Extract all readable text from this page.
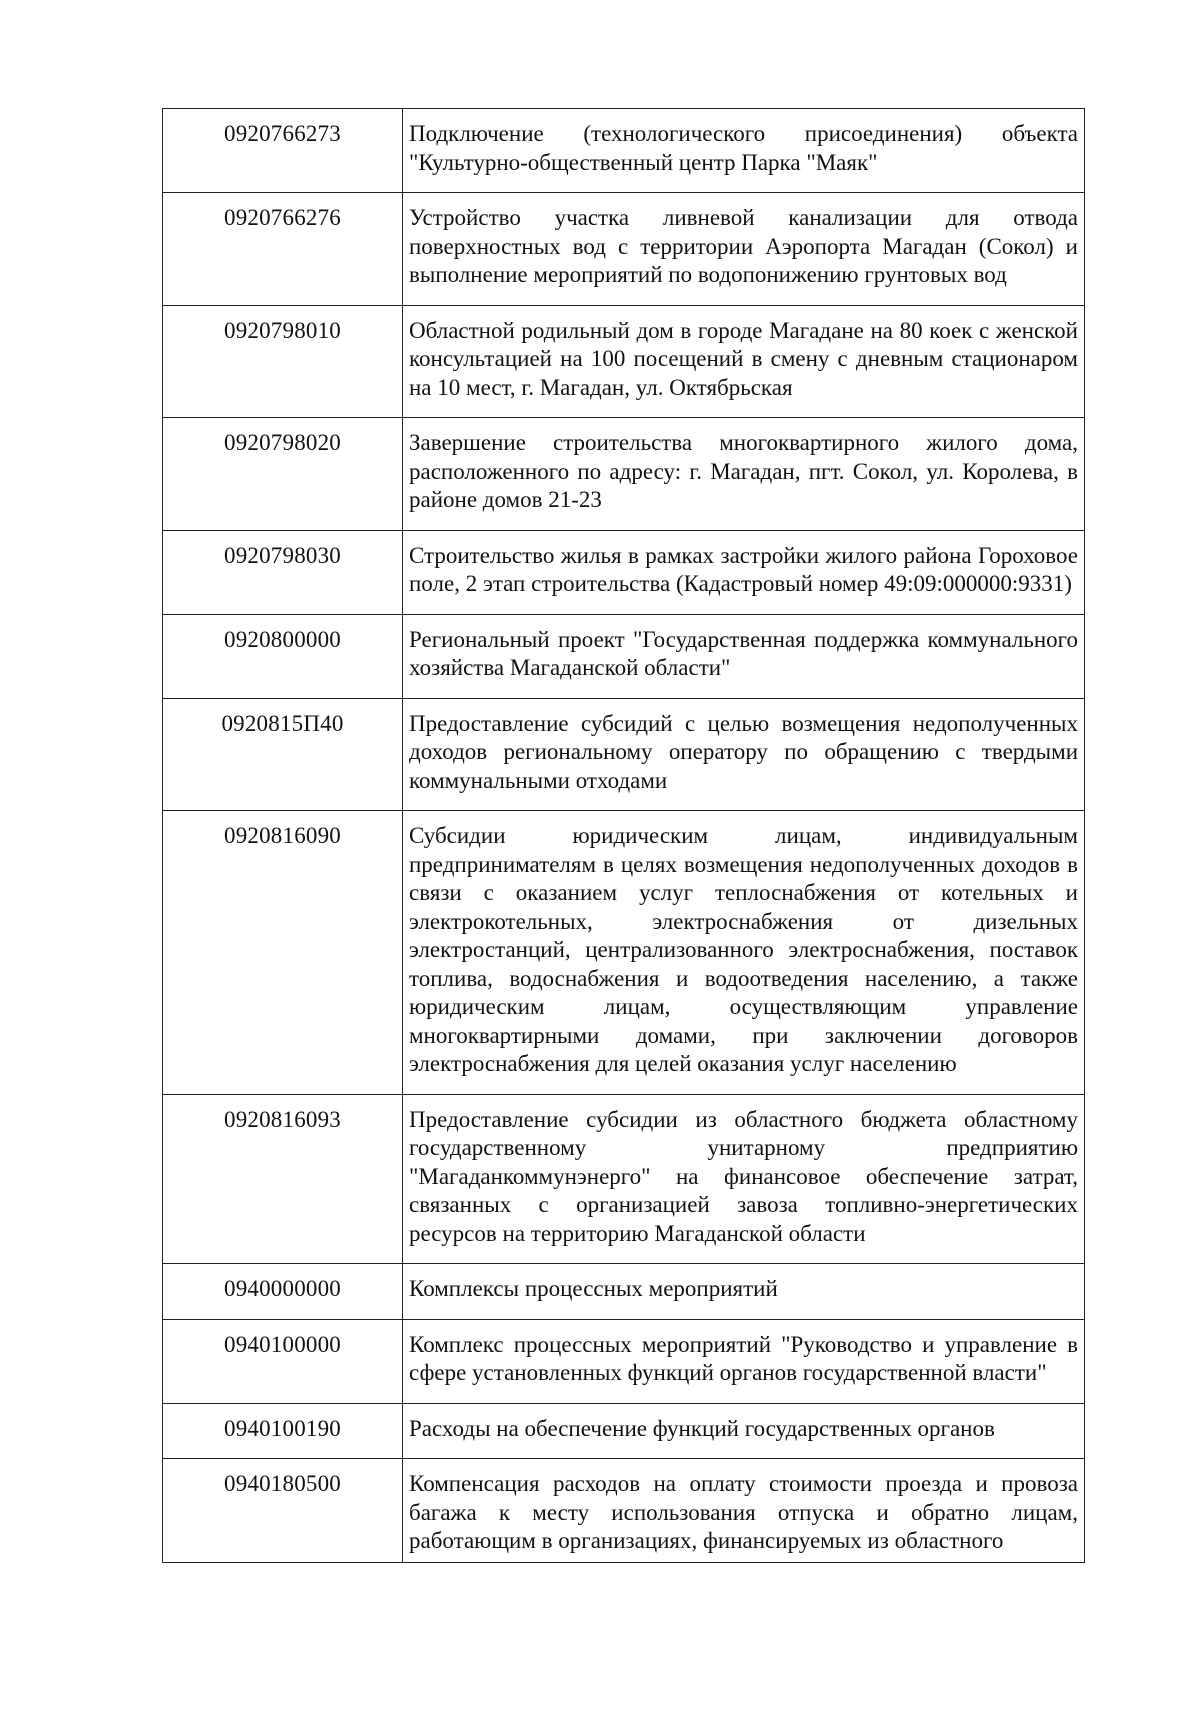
0920766273	Подключение (технологического присоединения) объекта "Культурно-общественный центр Парка "Маяк"
0920766276	Устройство участка ливневой канализации для отвода поверхностных вод с территории Аэропорта Магадан (Сокол) и выполнение мероприятий по водопонижению грунтовых вод
0920798010	Областной родильный дом в городе Магадане на 80 коек с женской консультацией на 100 посещений в смену с дневным стационаром на 10 мест, г. Магадан, ул. Октябрьская
0920798020	Завершение строительства многоквартирного жилого дома, расположенного по адресу: г. Магадан, пгт. Сокол, ул. Королева, в районе домов 21-23
0920798030	Строительство жилья в рамках застройки жилого района Гороховое поле, 2 этап строительства (Кадастровый номер 49:09:000000:9331)
0920800000	Региональный проект "Государственная поддержка коммунального хозяйства Магаданской области"
0920815П40	Предоставление субсидий с целью возмещения недополученных доходов региональному оператору по обращению с твердыми коммунальными отходами
0920816090	Субсидии юридическим лицам, индивидуальным предпринимателям в целях возмещения недополученных доходов в связи с оказанием услуг теплоснабжения от котельных и электрокотельных, электроснабжения от дизельных электростанций, централизованного электроснабжения, поставок топлива, водоснабжения и водоотведения населению, а также юридическим лицам, осуществляющим управление многоквартирными домами, при заключении договоров электроснабжения для целей оказания услуг населению
0920816093	Предоставление субсидии из областного бюджета областному государственному унитарному предприятию "Магаданкоммунэнерго" на финансовое обеспечение затрат, связанных с организацией завоза топливно-энергетических ресурсов на территорию Магаданской области
0940000000	Комплексы процессных мероприятий
0940100000	Комплекс процессных мероприятий "Руководство и управление в сфере установленных функций органов государственной власти"
0940100190	Расходы на обеспечение функций государственных органов
0940180500	Компенсация расходов на оплату стоимости проезда и провоза багажа к месту использования отпуска и обратно лицам, работающим в организациях, финансируемых из областного
